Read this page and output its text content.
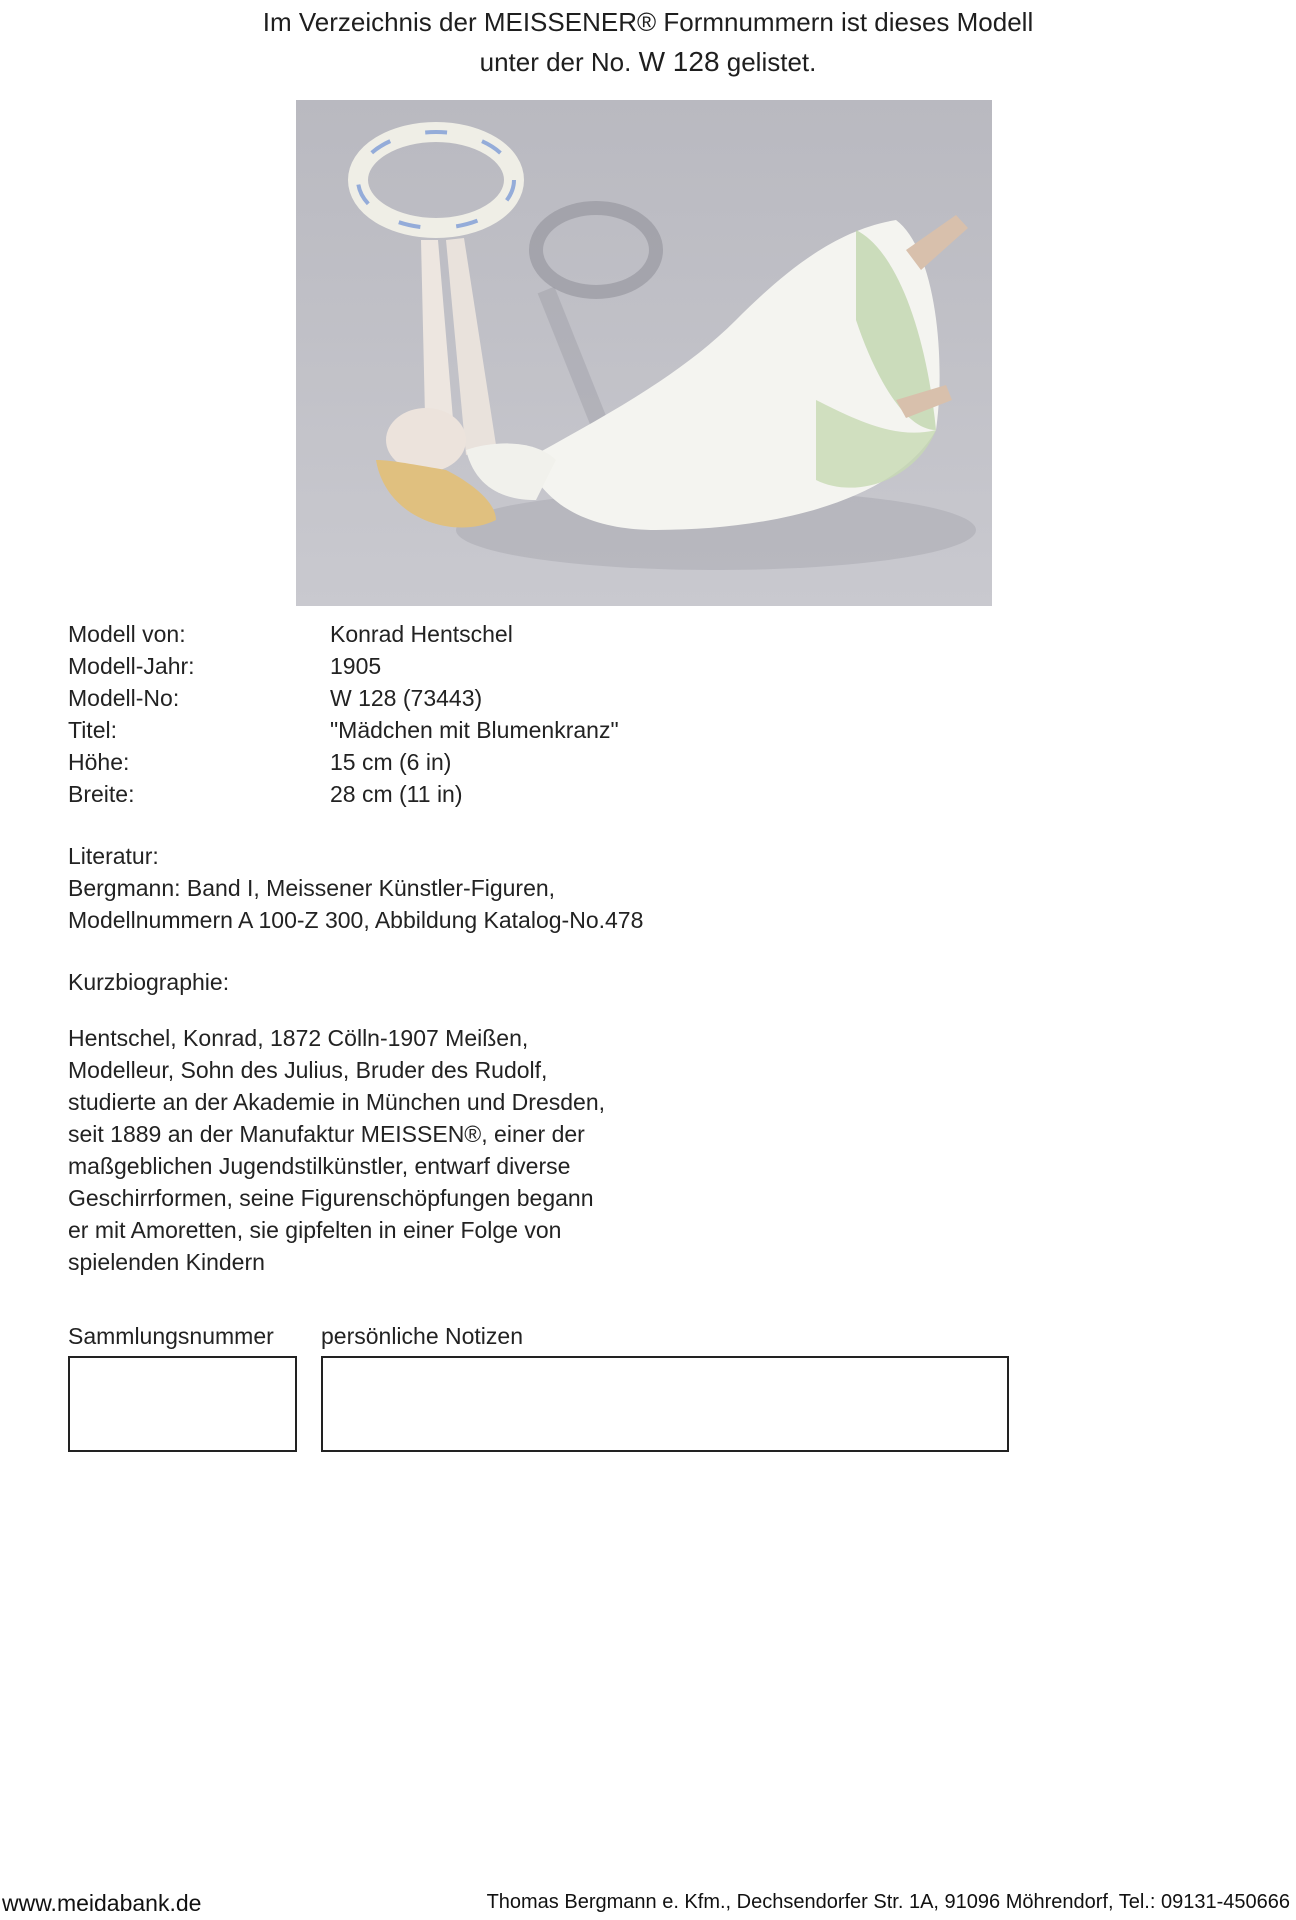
Im Verzeichnis der MEISSENER® Formnummern ist dieses Modell
unter der No. W 128 gelistet.
Modell von:	Konrad Hentschel
Modell-Jahr:	1905
Modell-No:	W 128 (73443)
Titel:	"Mädchen mit Blumenkranz"
Höhe:	15 cm (6 in)
Breite:	28 cm (11 in)
Literatur:
Bergmann: Band I, Meissener Künstler-Figuren,
Modellnummern A 100-Z 300, Abbildung Katalog-No.478
Kurzbiographie:
Hentschel, Konrad, 1872 Cölln-1907 Meißen,
Modelleur, Sohn des Julius, Bruder des Rudolf,
studierte an der Akademie in München und Dresden,
seit 1889 an der Manufaktur MEISSEN®, einer der
maßgeblichen Jugendstilkünstler, entwarf diverse
Geschirrformen, seine Figurenschöpfungen begann
er mit Amoretten, sie gipfelten in einer Folge von
spielenden Kindern
Sammlungsnummer persönliche Notizen
www.meidabank.de	Thomas Bergmann e. Kfm., Dechsendorfer Str. 1A, 91096 Möhrendorf, Tel.: 09131-450666
